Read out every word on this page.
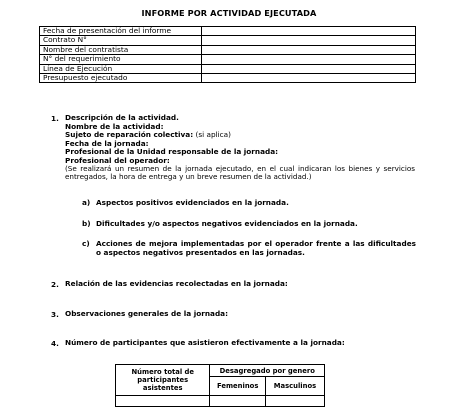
INFORME POR ACTIVIDAD EJECUTADA
Fecha de presentación del informe	
Contrato N°	
Nombre del contratista	
N° del requerimiento	
Línea de Ejecución	
Presupuesto ejecutado	
1. Descripción de la actividad.
Nombre de la actividad:
Sujeto de reparación colectiva: (si aplica)
Fecha de la jornada:
Profesional de la Unidad responsable de la jornada:
Profesional del operador:
(Se realizará un resumen de la jornada ejecutado, en el cual indicaran los bienes y servicios entregados, la hora de entrega y un breve resumen de la actividad.)
a) Aspectos positivos evidenciados en la jornada.
b) Dificultades y/o aspectos negativos evidenciados en la jornada.
c) Acciones de mejora implementadas por el operador frente a las dificultades o aspectos negativos presentados en las jornadas.
2. Relación de las evidencias recolectadas en la jornada:
3. Observaciones generales de la jornada:
4. Número de participantes que asistieron efectivamente a la jornada:
Número total de participantes asistentes	Desagregado por genero	
	Femeninos	Masculinos
